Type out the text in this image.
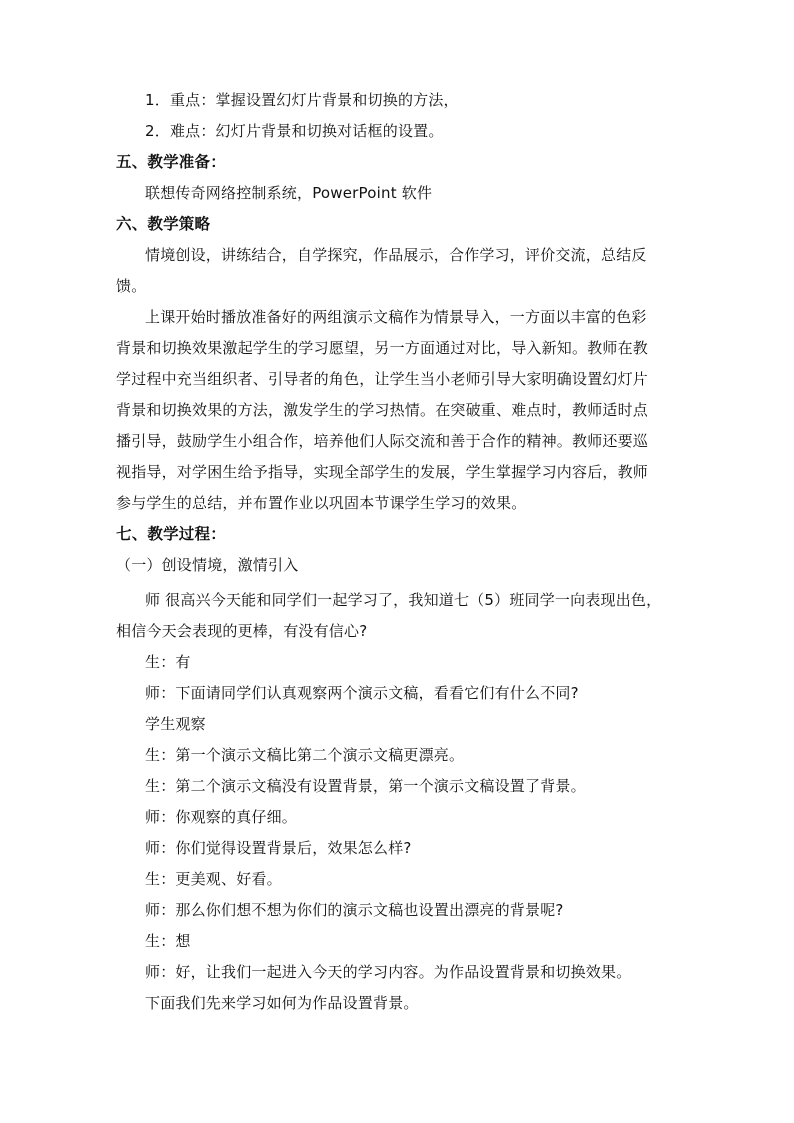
1．重点：掌握设置幻灯片背景和切换的方法，
2．难点：幻灯片背景和切换对话框的设置。
五、教学准备：
联想传奇网络控制系统，PowerPoint 软件
六、教学策略
情境创设，讲练结合，自学探究，作品展示，合作学习，评价交流，总结反
馈。
上课开始时播放准备好的两组演示文稿作为情景导入，一方面以丰富的色彩
背景和切换效果激起学生的学习愿望，另一方面通过对比，导入新知。教师在教
学过程中充当组织者、引导者的角色，让学生当小老师引导大家明确设置幻灯片
背景和切换效果的方法，激发学生的学习热情。在突破重、难点时，教师适时点
播引导，鼓励学生小组合作，培养他们人际交流和善于合作的精神。教师还要巡
视指导，对学困生给予指导，实现全部学生的发展，学生掌握学习内容后，教师
参与学生的总结，并布置作业以巩固本节课学生学习的效果。
七、教学过程：
（一）创设情境，激情引入
师 很高兴今天能和同学们一起学习了，我知道七（5）班同学一向表现出色，
相信今天会表现的更棒，有没有信心?
生：有
师：下面请同学们认真观察两个演示文稿，看看它们有什么不同?
学生观察
生：第一个演示文稿比第二个演示文稿更漂亮。
生：第二个演示文稿没有设置背景，第一个演示文稿设置了背景。
师：你观察的真仔细。
师：你们觉得设置背景后，效果怎么样?
生：更美观、好看。
师：那么你们想不想为你们的演示文稿也设置出漂亮的背景呢?
生：想
师：好，让我们一起进入今天的学习内容。为作品设置背景和切换效果。
下面我们先来学习如何为作品设置背景。
